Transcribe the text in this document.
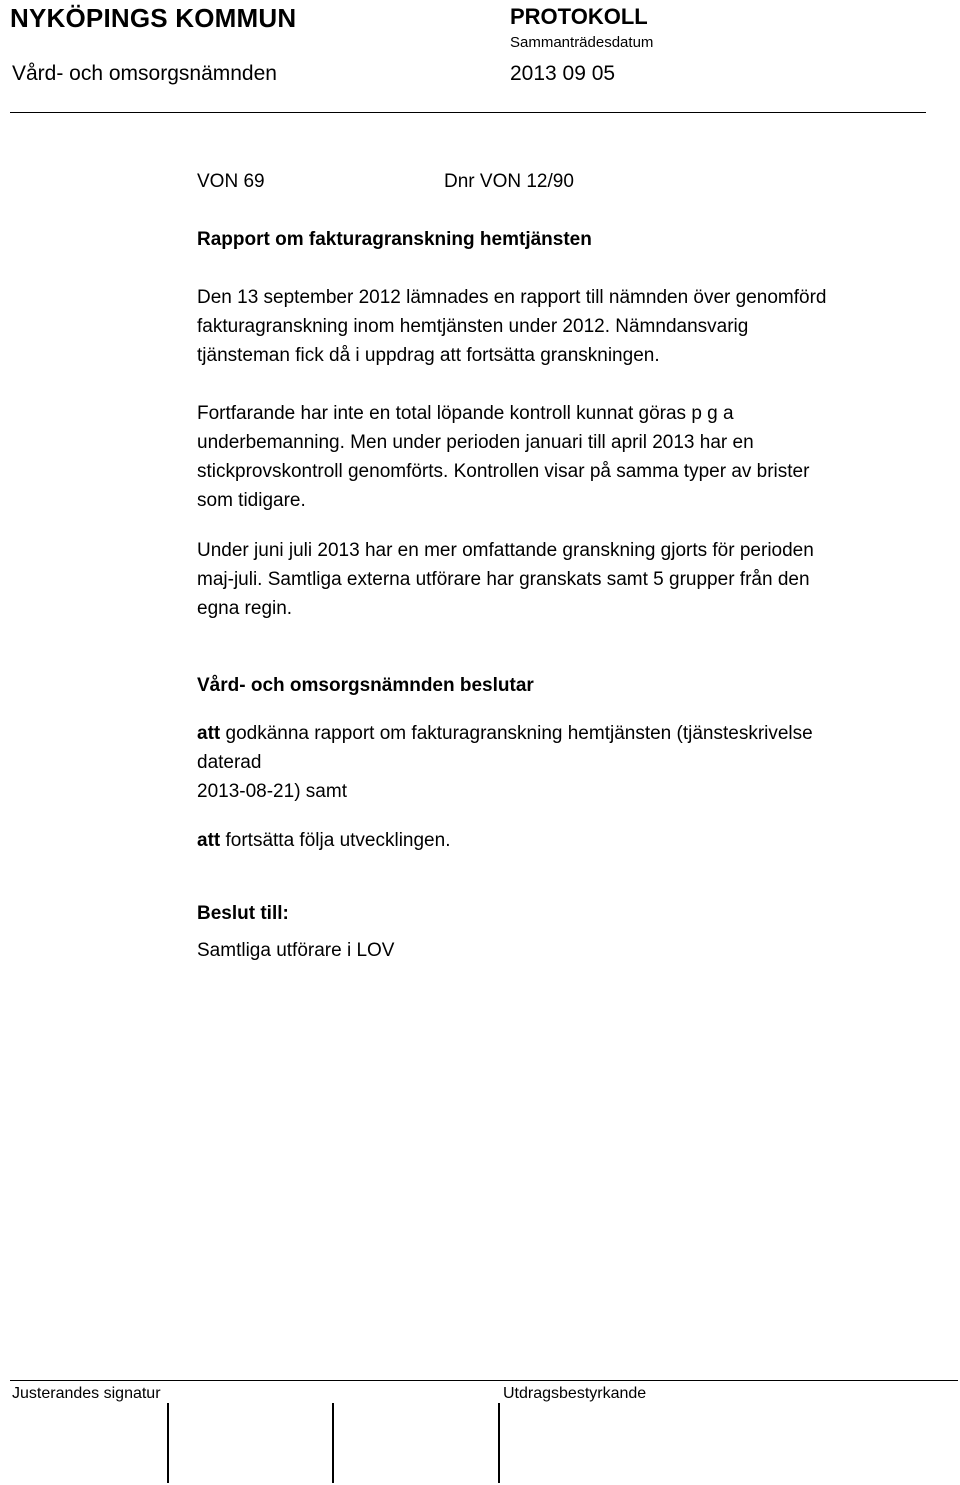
NYKÖPINGS KOMMUN	PROTOKOLL
Sammanträdesdatum
Vård- och omsorgsnämnden	2013 09 05
VON 69	Dnr VON 12/90
Rapport om fakturagranskning hemtjänsten
Den 13 september 2012 lämnades en rapport till nämnden över genomförd
fakturagranskning inom hemtjänsten under 2012. Nämndansvarig
tjänsteman fick då i uppdrag att fortsätta granskningen.
Fortfarande har inte en total löpande kontroll kunnat göras p g a
underbemanning. Men under perioden januari till april 2013 har en
stickprovskontroll genomförts. Kontrollen visar på samma typer av brister
som tidigare.
Under juni juli 2013 har en mer omfattande granskning gjorts för perioden
maj-juli. Samtliga externa utförare har granskats samt 5 grupper från den
egna regin.
Vård- och omsorgsnämnden beslutar
att godkänna rapport om fakturagranskning hemtjänsten (tjänsteskrivelse
daterad
2013-08-21) samt
att fortsätta följa utvecklingen.
Beslut till:
Samtliga utförare i LOV
Justerandes signatur	Utdragsbestyrkande
